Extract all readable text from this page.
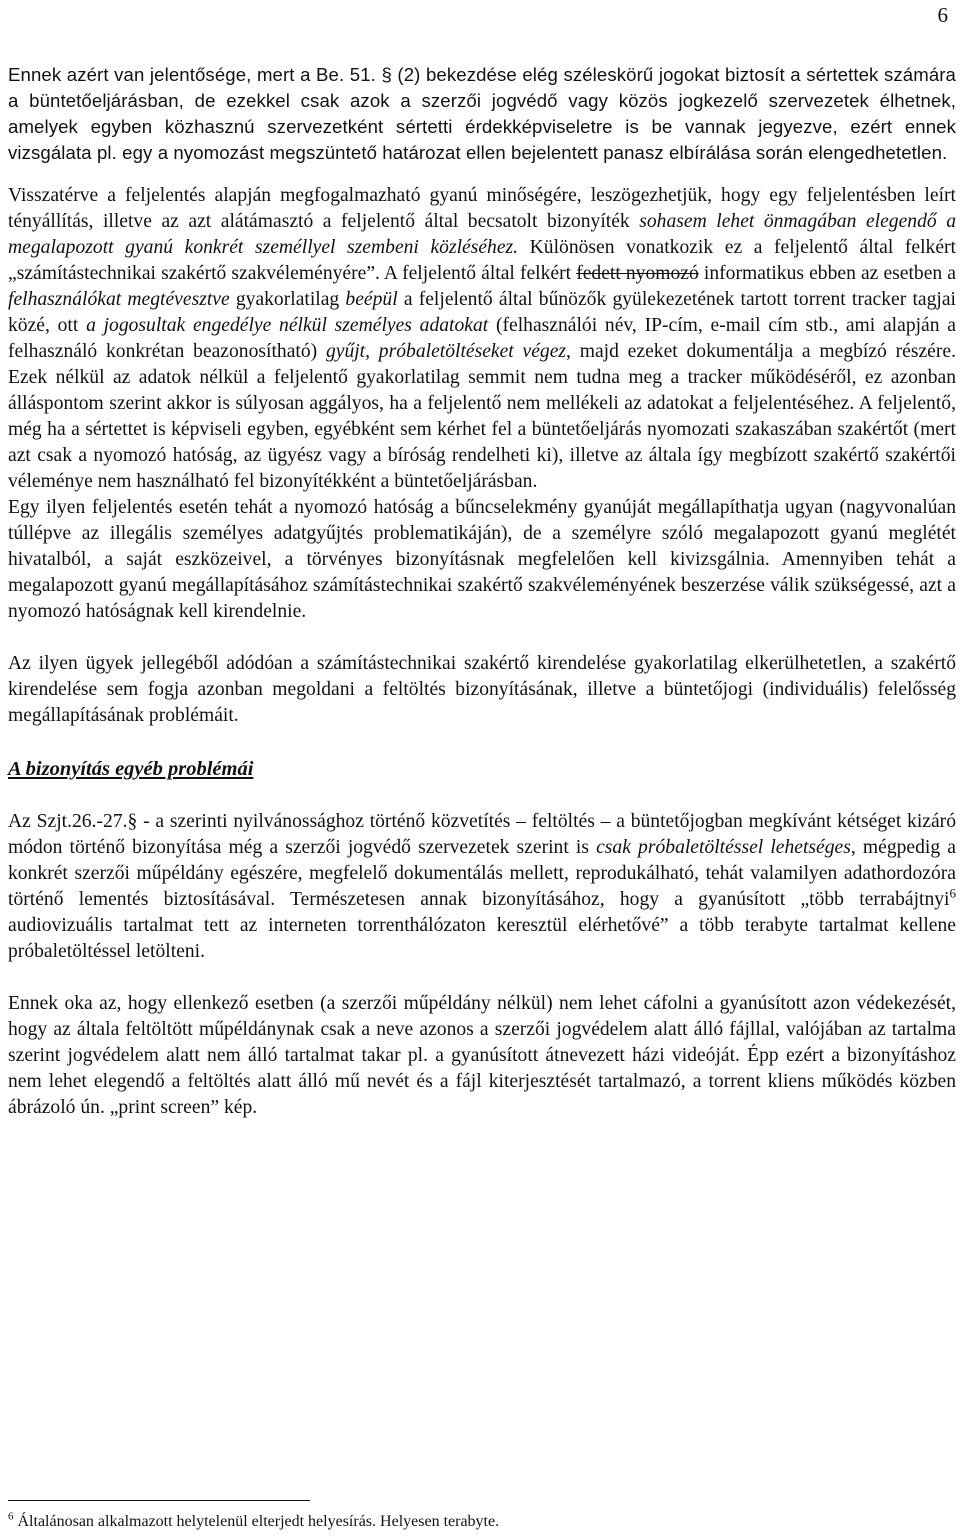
6

Ennek azért van jelentősége, mert a Be. 51. § (2) bekezdése elég széleskörű jogokat biztosít a sértettek számára a büntetőeljárásban, de ezekkel csak azok a szerzői jogvédő vagy közös jogkezelő szervezetek élhetnek, amelyek egyben közhasznú szervezetként sértetti érdekképviseletre is be vannak jegyezve, ezért ennek vizsgálata pl. egy a nyomozást megszüntető határozat ellen bejelentett panasz elbírálása során elengedhetetlen.

Visszatérve a feljelentés alapján megfogalmazható gyanú minőségére, leszögezhetjük, hogy egy feljelentésben leírt tényállítás, illetve az azt alátámasztó a feljelentő által becsatolt bizonyíték sohasem lehet önmagában elegendő a megalapozott gyanú konkrét személlyel szembeni közléséhez. Különösen vonatkozik ez a feljelentő által felkért „számítástechnikai szakértő szakvéleményére”. A feljelentő által felkért fedett nyomozó informatikus ebben az esetben a felhasználókat megtévesztve gyakorlatilag beépül a feljelentő által bűnözők gyülekezetének tartott torrent tracker tagjai közé, ott a jogosultak engedélye nélkül személyes adatokat (felhasználói név, IP-cím, e-mail cím stb., ami alapján a felhasználó konkrétan beazonosítható) gyűjt, próbaletöltéseket végez, majd ezeket dokumentálja a megbízó részére. Ezek nélkül az adatok nélkül a feljelentő gyakorlatilag semmit nem tudna meg a tracker működéséről, ez azonban álláspontom szerint akkor is súlyosan aggályos, ha a feljelentő nem mellékeli az adatokat a feljelentéséhez. A feljelentő, még ha a sértettet is képviseli egyben, egyébként sem kérhet fel a büntetőeljárás nyomozati szakaszában szakértőt (mert azt csak a nyomozó hatóság, az ügyész vagy a bíróság rendelheti ki), illetve az általa így megbízott szakértő szakértői véleménye nem használható fel bizonyítékként a büntetőeljárásban.

Egy ilyen feljelentés esetén tehát a nyomozó hatóság a bűncselekmény gyanúját megállapíthatja ugyan (nagyvonalúan túllépve az illegális személyes adatgyűjtés problematikáján), de a személyre szóló megalapozott gyanú meglétét hivatalból, a saját eszközeivel, a törvényes bizonyításnak megfelelően kell kivizsgálnia. Amennyiben tehát a megalapozott gyanú megállapításához számítástechnikai szakértő szakvéleményének beszerzése válik szükségessé, azt a nyomozó hatóságnak kell kirendelnie.

Az ilyen ügyek jellegéből adódóan a számítástechnikai szakértő kirendelése gyakorlatilag elkerülhetetlen, a szakértő kirendelése sem fogja azonban megoldani a feltöltés bizonyításának, illetve a büntetőjogi (individuális) felelősség megállapításának problémáit.

A bizonyítás egyéb problémái

Az Szjt.26.-27.§ - a szerinti nyilvánossághoz történő közvetítés – feltöltés – a büntetőjogban megkívánt kétséget kizáró módon történő bizonyítása még a szerzői jogvédő szervezetek szerint is csak próbaletöltéssel lehetséges, mégpedig a konkrét szerzői műpéldány egészére, megfelelő dokumentálás mellett, reprodukálható, tehát valamilyen adathordozóra történő lementés biztosításával. Természetesen annak bizonyításához, hogy a gyanúsított „több terrabájtnyi$^6$ audiovizuális tartalmat tett az interneten torrenthálózaton keresztül elérhetővé” a több terabyte tartalmat kellene próbaletöltéssel letölteni.

Ennek oka az, hogy ellenkező esetben (a szerzői műpéldány nélkül) nem lehet cáfolni a gyanúsított azon védekezését, hogy az általa feltöltött műpéldánynak csak a neve azonos a szerzői jogvédelem alatt álló fájllal, valójában az tartalma szerint jogvédelem alatt nem álló tartalmat takar pl. a gyanúsított átnevezett házi videóját. Épp ezért a bizonyításhoz nem lehet elegendő a feltöltés alatt álló mű nevét és a fájl kiterjesztését tartalmazó, a torrent kliens működés közben ábrázoló ún. „print screen” kép.

$^6$ Általánosan alkalmazott helytelenül elterjedt helyesírás. Helyesen terabyte.
